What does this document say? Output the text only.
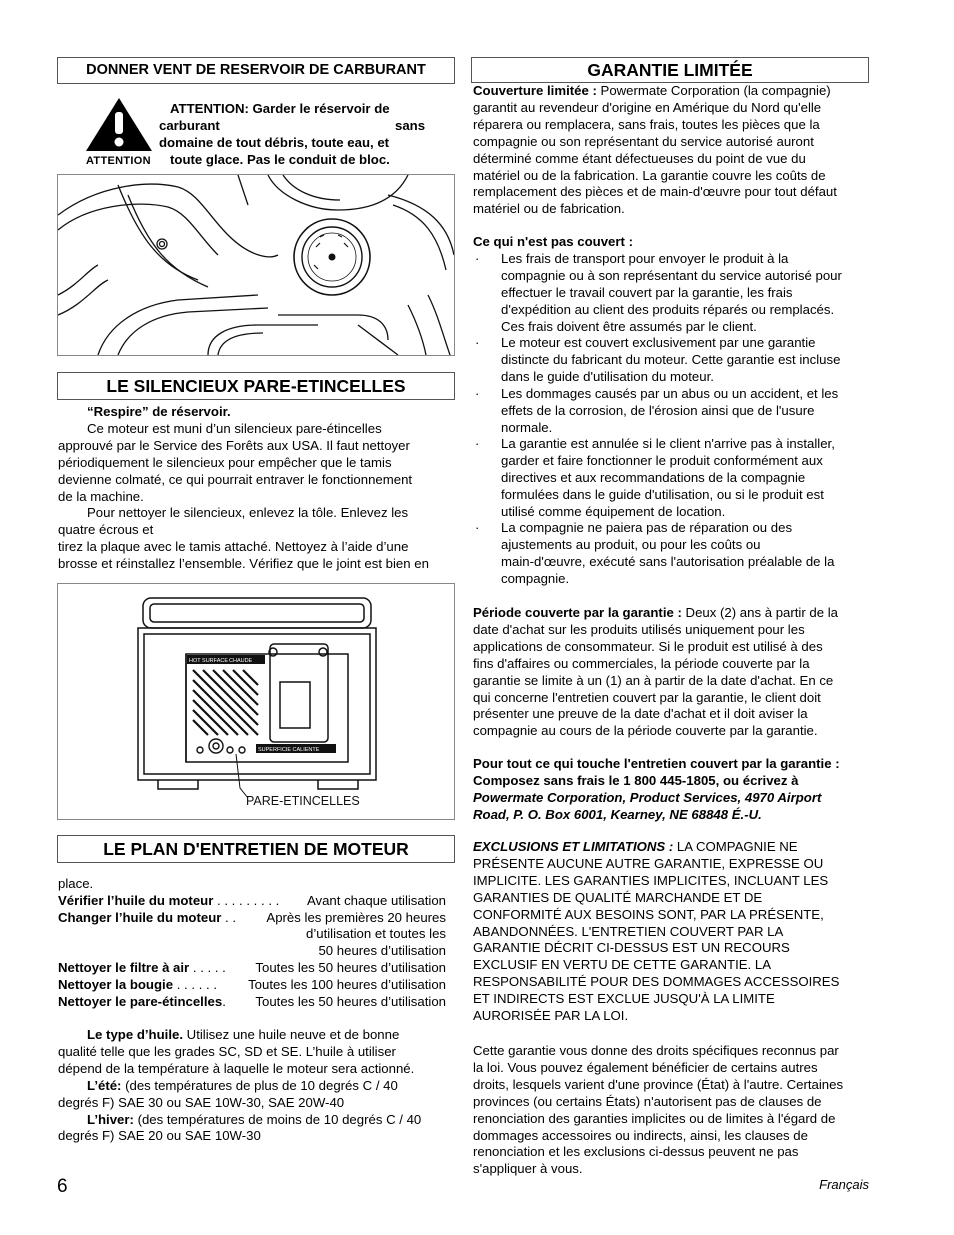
DONNER VENT DE RESERVOIR DE CARBURANT
ATTENTION
ATTENTION: Garder le réservoir de
carburant	sans
domaine de tout débris, toute eau, et
toute glace. Pas le conduit de bloc.
LE SILENCIEUX PARE-ETINCELLES
“Respire” de réservoir.
Ce moteur est muni d’un silencieux pare-étincelles
approuvé par le Service des Forêts aux USA. Il faut nettoyer
périodiquement le silencieux pour empêcher que le tamis
devienne colmaté, ce qui pourrait entraver le fonctionnement
de la machine.
Pour nettoyer le silencieux, enlevez la tôle. Enlevez les
quatre écrous et
tirez la plaque avec le tamis attaché. Nettoyez à l’aide d’une
brosse et réinstallez l’ensemble. Vérifiez que le joint est bien en
HOT SURFACE CHAUDE
SUPERFICIE CALIENTE
PARE-ETINCELLES
LE PLAN D'ENTRETIEN DE MOTEUR
place.
Vérifier l’huile du moteur . . . . . . . . . Avant chaque utilisation
Changer l’huile du moteur . . Après les premières 20 heures
d’utilisation et toutes les
50 heures d’utilisation
Nettoyer le filtre à air . . . . . Toutes les 50 heures d’utilisation
Nettoyer la bougie . . . . . . Toutes les 100 heures d’utilisation
Nettoyer le pare-étincelles. Toutes les 50 heures d’utilisation
Le type d’huile. Utilisez une huile neuve et de bonne
qualité telle que les grades SC, SD et SE. L’huile à utiliser
dépend de la température à laquelle le moteur sera actionné.
L’été: (des températures de plus de 10 degrés C / 40
degrés F) SAE 30 ou SAE 10W-30, SAE 20W-40
L’hiver: (des températures de moins de 10 degrés C / 40
degrés F) SAE 20 ou SAE 10W-30
GARANTIE LIMITÉE
Couverture limitée : Powermate Corporation (la compagnie)
garantit au revendeur d'origine en Amérique du Nord qu'elle
réparera ou remplacera, sans frais, toutes les pièces que la
compagnie ou son représentant du service autorisé auront
déterminé comme étant défectueuses du point de vue du
matériel ou de la fabrication. La garantie couvre les coûts de
remplacement des pièces et de main-d'œuvre pour tout défaut
matériel ou de fabrication.
Ce qui n'est pas couvert :
· Les frais de transport pour envoyer le produit à la
compagnie ou à son représentant du service autorisé pour
effectuer le travail couvert par la garantie, les frais
d'expédition au client des produits réparés ou remplacés.
Ces frais doivent être assumés par le client.
· Le moteur est couvert exclusivement par une garantie
distincte du fabricant du moteur. Cette garantie est incluse
dans le guide d'utilisation du moteur.
· Les dommages causés par un abus ou un accident, et les
effets de la corrosion, de l'érosion ainsi que de l'usure
normale.
· La garantie est annulée si le client n'arrive pas à installer,
garder et faire fonctionner le produit conformément aux
directives et aux recommandations de la compagnie
formulées dans le guide d'utilisation, ou si le produit est
utilisé comme équipement de location.
· La compagnie ne paiera pas de réparation ou des
ajustements au produit, ou pour les coûts ou
main-d'œuvre, exécuté sans l'autorisation préalable de la
compagnie.
Période couverte par la garantie : Deux (2) ans à partir de la
date d'achat sur les produits utilisés uniquement pour les
applications de consommateur. Si le produit est utilisé à des
fins d'affaires ou commerciales, la période couverte par la
garantie se limite à un (1) an à partir de la date d'achat. En ce
qui concerne l'entretien couvert par la garantie, le client doit
présenter une preuve de la date d'achat et il doit aviser la
compagnie au cours de la période couverte par la garantie.
Pour tout ce qui touche l'entretien couvert par la garantie :
Composez sans frais le 1 800 445-1805, ou écrivez à
Powermate Corporation, Product Services, 4970 Airport
Road, P. O. Box 6001, Kearney, NE 68848 É.-U.
EXCLUSIONS ET LIMITATIONS : LA COMPAGNIE NE
PRÉSENTE AUCUNE AUTRE GARANTIE, EXPRESSE OU
IMPLICITE. LES GARANTIES IMPLICITES, INCLUANT LES
GARANTIES DE QUALITÉ MARCHANDE ET DE
CONFORMITÉ AUX BESOINS SONT, PAR LA PRÉSENTE,
ABANDONNÉES. L'ENTRETIEN COUVERT PAR LA
GARANTIE DÉCRIT CI-DESSUS EST UN RECOURS
EXCLUSIF EN VERTU DE CETTE GARANTIE. LA
RESPONSABILITÉ POUR DES DOMMAGES ACCESSOIRES
ET INDIRECTS EST EXCLUE JUSQU'À LA LIMITE
AURORISÉE PAR LA LOI.
Cette garantie vous donne des droits spécifiques reconnus par
la loi. Vous pouvez également bénéficier de certains autres
droits, lesquels varient d'une province (État) à l'autre. Certaines
provinces (ou certains États) n'autorisent pas de clauses de
renonciation des garanties implicites ou de limites à l'égard de
dommages accessoires ou indirects, ainsi, les clauses de
renonciation et les exclusions ci-dessus peuvent ne pas
s'appliquer à vous.
6	Français
